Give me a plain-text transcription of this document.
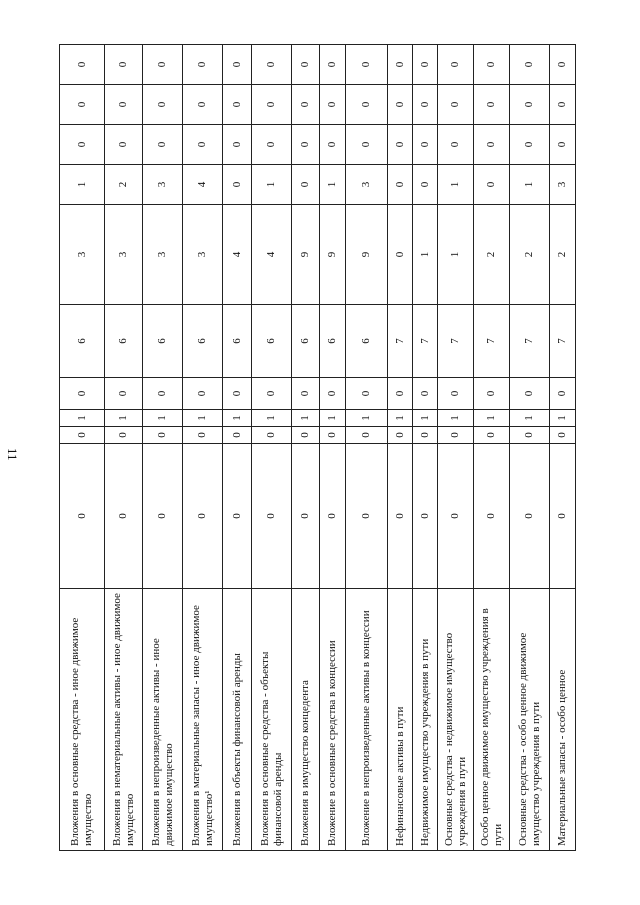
11
Вложения в основные средства - иное движимое имущество	0	0	1	0	6	3	1	0	0	0
Вложения в нематериальные активы - иное движимое имущество	0	0	1	0	6	3	2	0	0	0
Вложения в непроизведенные активы - иное движимое имущество	0	0	1	0	6	3	3	0	0	0
Вложения в материальные запасы - иное движимое имущество¹	0	0	1	0	6	3	4	0	0	0
Вложения в объекты финансовой аренды	0	0	1	0	6	4	0	0	0	0
Вложения в основные средства - объекты финансовой аренды	0	0	1	0	6	4	1	0	0	0
Вложения в имущество концедента	0	0	1	0	6	9	0	0	0	0
Вложение в основные средства в концессии	0	0	1	0	6	9	1	0	0	0
Вложение в непроизведенные активы в концессии	0	0	1	0	6	9	3	0	0	0
Нефинансовые активы в пути	0	0	1	0	7	0	0	0	0	0
Недвижимое имущество учреждения в пути	0	0	1	0	7	1	0	0	0	0
Основные средства - недвижимое имущество учреждения в пути	0	0	1	0	7	1	1	0	0	0
Особо ценное движимое имущество учреждения в пути	0	0	1	0	7	2	0	0	0	0
Основные средства - особо ценное движимое имущество учреждения в пути	0	0	1	0	7	2	1	0	0	0
Материальные запасы - особо ценное	0	0	1	0	7	2	3	0	0	0
